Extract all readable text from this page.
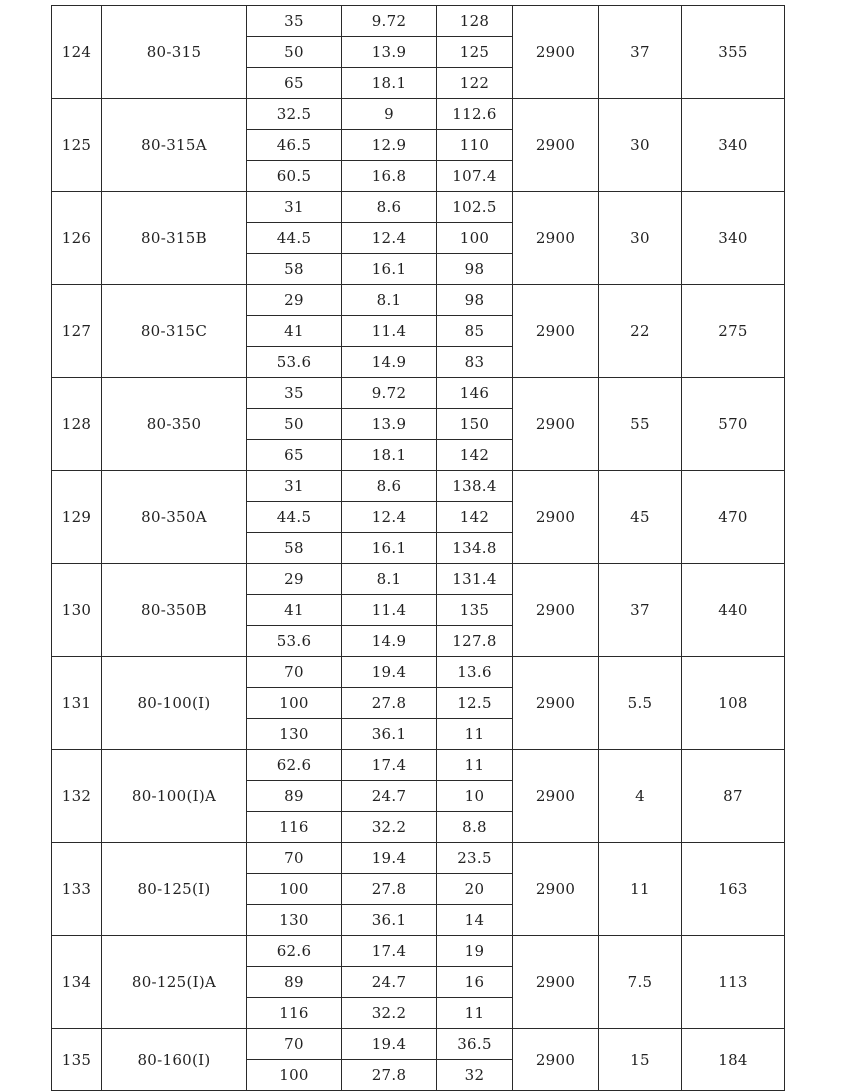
124	80-315	35	9.72	128	2900	37	355
		50	13.9	125			
		65	18.1	122			
125	80-315A	32.5	9	112.6	2900	30	340
		46.5	12.9	110			
		60.5	16.8	107.4			
126	80-315B	31	8.6	102.5	2900	30	340
		44.5	12.4	100			
		58	16.1	98			
127	80-315C	29	8.1	98	2900	22	275
		41	11.4	85			
		53.6	14.9	83			
128	80-350	35	9.72	146	2900	55	570
		50	13.9	150			
		65	18.1	142			
129	80-350A	31	8.6	138.4	2900	45	470
		44.5	12.4	142			
		58	16.1	134.8			
130	80-350B	29	8.1	131.4	2900	37	440
		41	11.4	135			
		53.6	14.9	127.8			
131	80-100(I)	70	19.4	13.6	2900	5.5	108
		100	27.8	12.5			
		130	36.1	11			
132	80-100(I)A	62.6	17.4	11	2900	4	87
		89	24.7	10			
		116	32.2	8.8			
133	80-125(I)	70	19.4	23.5	2900	11	163
		100	27.8	20			
		130	36.1	14			
134	80-125(I)A	62.6	17.4	19	2900	7.5	113
		89	24.7	16			
		116	32.2	11			
135	80-160(I)	70	19.4	36.5	2900	15	184
		100	27.8	32			
